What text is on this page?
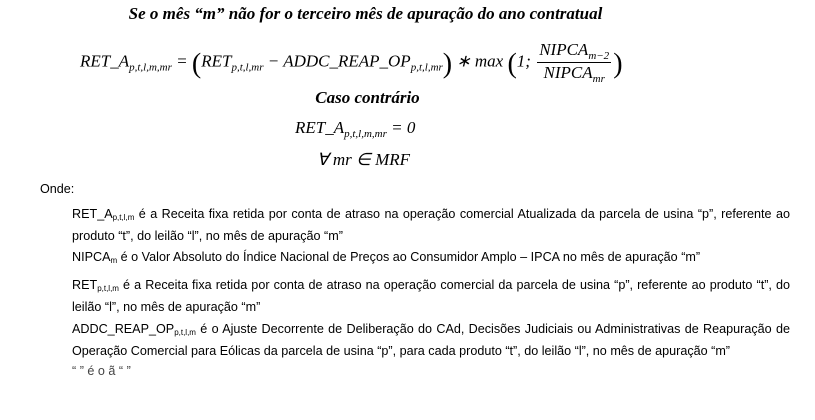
Se o mês “m” não for o terceiro mês de apuração do ano contratual
$RET\_A_{p,t,l,m,mr} = (RET_{p,t,l,mr}$ − $ADDC\_REAP\_OP_{p,t,l,mr}$) ∗ max (1; $\frac{NIPCA_{m-2}}{NIPCA_{mr}}$ )
Caso contrário
$RET\_A_{p,t,l,m,mr} = 0$
∀ mr ∈ MRF
Onde:
$RET\_A_{p,t,l,m}$ é a Receita fixa retida por conta de atraso na operação comercial Atualizada da parcela de usina “p”, referente ao produto “t”, do leilão “l”, no mês de apuração “m”
$NIPCA_m$ é o Valor Absoluto do Índice Nacional de Preços ao Consumidor Amplo – IPCA no mês de apuração “m”
$RET_{p,t,l,m}$ é a Receita fixa retida por conta de atraso na operação comercial da parcela de usina “p”, referente ao produto “t”, do leilão “l”, no mês de apuração “m”
$ADDC\_REAP\_OP_{p,t,l,m}$ é o Ajuste Decorrente de Deliberação do CAd, Decisões Judiciais ou Administrativas de Reapuração de Operação Comercial para Eólicas da parcela de usina “p”, para cada produto “t”, do leilão “l”, no mês de apuração “m”
“ ” é o ã “ ”
